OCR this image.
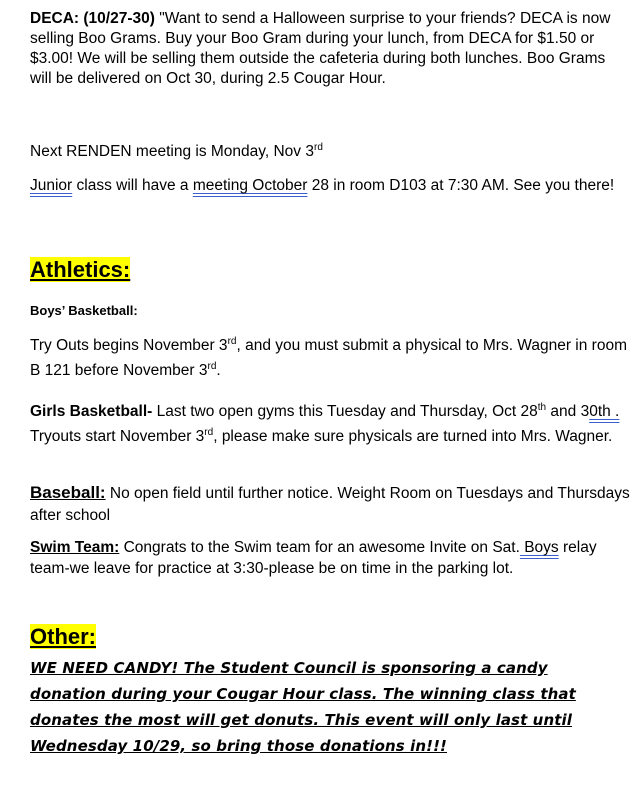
DECA: (10/27-30) "Want to send a Halloween surprise to your friends? DECA is now selling Boo Grams. Buy your Boo Gram during your lunch, from DECA for $1.50 or $3.00! We will be selling them outside the cafeteria during both lunches. Boo Grams will be delivered on Oct 30, during 2.5 Cougar Hour.
Next RENDEN meeting is Monday, Nov 3rd
Junior class will have a meeting October 28 in room D103 at 7:30 AM. See you there!
Athletics:
Boys’ Basketball:
Try Outs begins November 3rd, and you must submit a physical to Mrs. Wagner in room B 121 before November 3rd.
Girls Basketball- Last two open gyms this Tuesday and Thursday, Oct 28th and 30th . Tryouts start November 3rd, please make sure physicals are turned into Mrs. Wagner.
Baseball: No open field until further notice. Weight Room on Tuesdays and Thursdays after school
Swim Team: Congrats to the Swim team for an awesome Invite on Sat. Boys relay team-we leave for practice at 3:30-please be on time in the parking lot.
Other:
WE NEED CANDY! The Student Council is sponsoring a candy
donation during your Cougar Hour class. The winning class that
donates the most will get donuts. This event will only last until
Wednesday 10/29, so bring those donations in!!!
